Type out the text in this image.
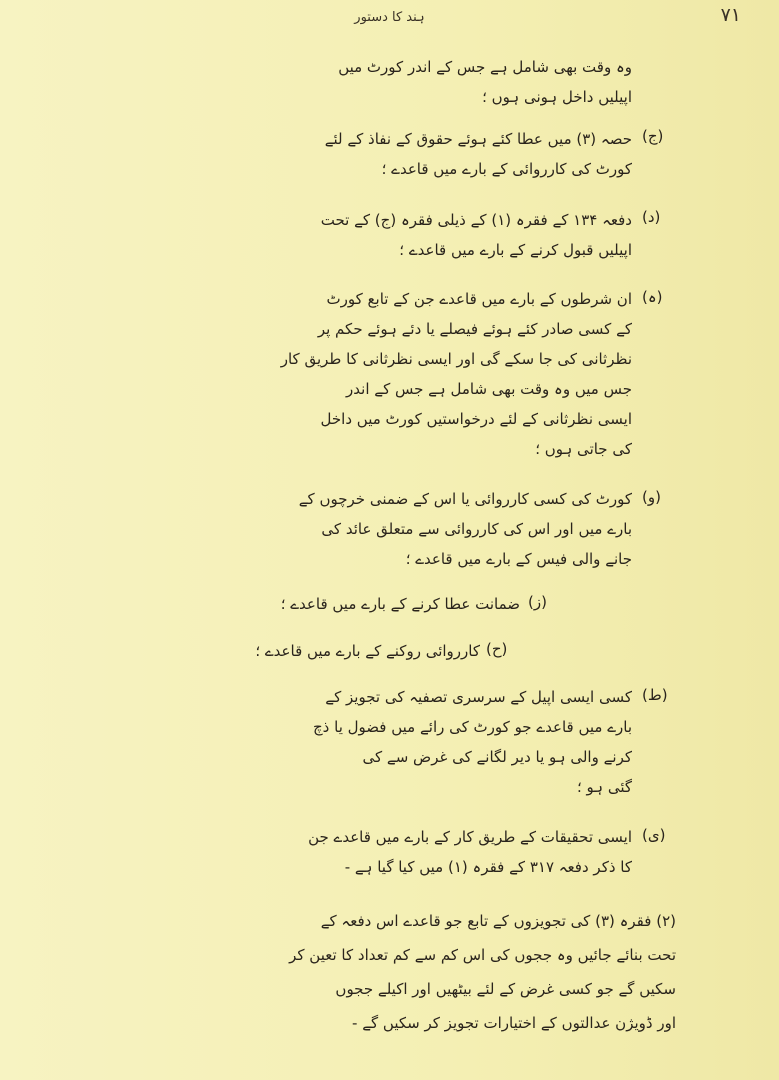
ہند کا دستور	۷۱
وہ وقت بھی شامل ہے جس کے اندر کورٹ میں
اپیلیں داخل ہونی ہوں ؛
(ج)
حصہ (۳) میں عطا کئے ہوئے حقوق کے نفاذ کے لئے
کورٹ کی کارروائی کے بارے میں قاعدے ؛
(د)
دفعہ ۱۳۴ کے فقرہ (۱) کے ذیلی فقرہ (ج) کے تحت
اپیلیں قبول کرنے کے بارے میں قاعدے ؛
(ہ)
ان شرطوں کے بارے میں قاعدے جن کے تابع کورٹ
کے کسی صادر کئے ہوئے فیصلے یا دئے ہوئے حکم پر
نظرثانی کی جا سکے گی اور ایسی نظرثانی کا طریق کار
جس میں وہ وقت بھی شامل ہے جس کے اندر
ایسی نظرثانی کے لئے درخواستیں کورٹ میں داخل
کی جاتی ہوں ؛
(و)
کورٹ کی کسی کارروائی یا اس کے ضمنی خرچوں کے
بارے میں اور اس کی کارروائی سے متعلق عائد کی
جانے والی فیس کے بارے میں قاعدے ؛
(ز)
ضمانت عطا کرنے کے بارے میں قاعدے ؛
(ح)
کارروائی روکنے کے بارے میں قاعدے ؛
(ط)
کسی ایسی اپیل کے سرسری تصفیہ کی تجویز کے
بارے میں قاعدے جو کورٹ کی رائے میں فضول یا ذچ
کرنے والی ہو یا دیر لگانے کی غرض سے کی
گئی ہو ؛
(ی)
ایسی تحقیقات کے طریق کار کے بارے میں قاعدے جن
کا ذکر دفعہ ۳۱۷ کے فقرہ (۱) میں کیا گیا ہے -
(۲) فقرہ (۳) کی تجویزوں کے تابع جو قاعدے اس دفعہ کے
تحت بنائے جائیں وہ ججوں کی اس کم سے کم تعداد کا تعین کر
سکیں گے جو کسی غرض کے لئے بیٹھیں اور اکیلے ججوں
اور ڈویژن عدالتوں کے اختیارات تجویز کر سکیں گے -
